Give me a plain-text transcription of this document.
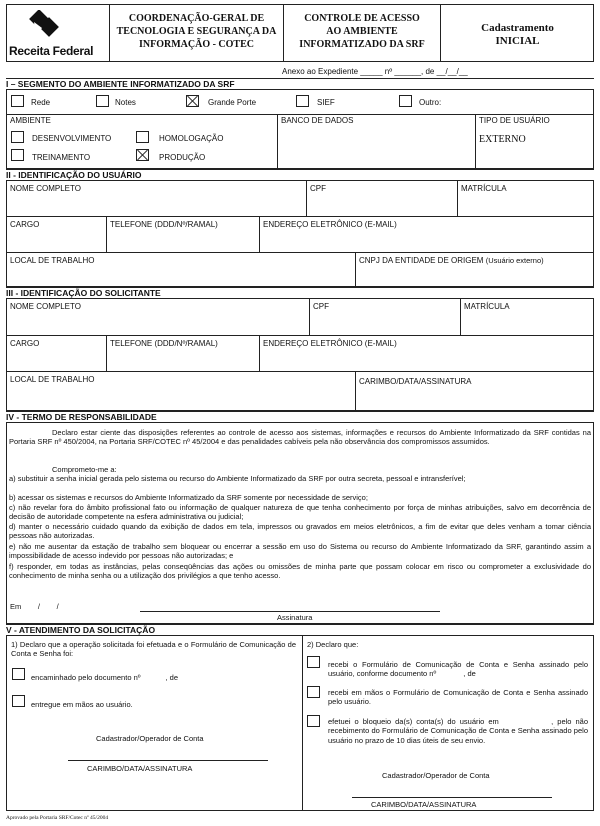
Receita Federal
COORDENAÇÃO-GERAL DE
TECNOLOGIA E SEGURANÇA DA
INFORMAÇÃO - COTEC
CONTROLE DE ACESSO
AO AMBIENTE
INFORMATIZADO DA SRF
Cadastramento
INICIAL
Anexo ao Expediente _____ nº ______, de __/__/__
I – SEGMENTO DO AMBIENTE INFORMATIZADO DA SRF
Rede	Notes	Grande Porte	SIEF	Outro:
AMBIENTE
DESENVOLVIMENTO	HOMOLOGAÇÃO
TREINAMENTO	PRODUÇÃO
BANCO DE DADOS	TIPO DE USUÁRIO
EXTERNO
II - IDENTIFICAÇÃO DO USUÁRIO
NOME COMPLETO	CPF	MATRÍCULA
CARGO	TELEFONE (DDD/Nº/RAMAL)	ENDEREÇO ELETRÔNICO (E-MAIL)
LOCAL DE TRABALHO	CNPJ DA ENTIDADE DE ORIGEM (Usuário externo)
III - IDENTIFICAÇÃO DO SOLICITANTE
NOME COMPLETO	CPF	MATRÍCULA
CARGO	TELEFONE (DDD/Nº/RAMAL)	ENDEREÇO ELETRÔNICO (E-MAIL)
LOCAL DE TRABALHO	CARIMBO/DATA/ASSINATURA
IV - TERMO DE RESPONSABILIDADE
Declaro estar ciente das disposições referentes ao controle de acesso aos sistemas, informações e recursos do Ambiente Informatizado da SRF contidas na Portaria SRF nº 450/2004, na Portaria SRF/COTEC nº 45/2004 e das penalidades cabíveis pela não observância dos compromissos assumidos.
Comprometo-me a:
a) substituir a senha inicial gerada pelo sistema ou recurso do Ambiente Informatizado da SRF por outra secreta, pessoal e intransferível;
b) acessar os sistemas e recursos do Ambiente Informatizado da SRF somente por necessidade de serviço;
c) não revelar fora do âmbito profissional fato ou informação de qualquer natureza de que tenha conhecimento por força de minhas atribuições, salvo em decorrência de decisão de autoridade competente na esfera administrativa ou judicial;
d) manter o necessário cuidado quando da exibição de dados em tela, impressos ou gravados em meios eletrônicos, a fim de evitar que deles venham a tomar ciência pessoas não autorizadas.
e) não me ausentar da estação de trabalho sem bloquear ou encerrar a sessão em uso do Sistema ou recurso do Ambiente Informatizado da SRF, garantindo assim a impossibilidade de acesso indevido por pessoas não autorizadas; e
f) responder, em todas as instâncias, pelas conseqüências das ações ou omissões de minha parte que possam colocar em risco ou comprometer a exclusividade do conhecimento de minha senha ou a utilização dos privilégios a que tenho acesso.
Em        /        /
Assinatura
V - ATENDIMENTO DA SOLICITAÇÃO
1) Declaro que a operação solicitada foi efetuada e o Formulário de Comunicação de Conta e Senha foi:
encaminhado pelo documento nº            , de
entregue em mãos ao usuário.
Cadastrador/Operador de Conta
CARIMBO/DATA/ASSINATURA
2) Declaro que:
recebi o Formulário de Comunicação de Conta e Senha assinado pelo usuário, conforme documento nº             , de
recebi em mãos o Formulário de Comunicação de Conta e Senha assinado pelo usuário.
efetuei o bloqueio da(s) conta(s) do usuário em             , pelo não recebimento do Formulário de Comunicação de Conta e Senha assinado pelo usuário no prazo de 10 dias úteis de seu envio.
Cadastrador/Operador de Conta
CARIMBO/DATA/ASSINATURA
Aprovado pela Portaria SRF/Cotec nº 45/2004
